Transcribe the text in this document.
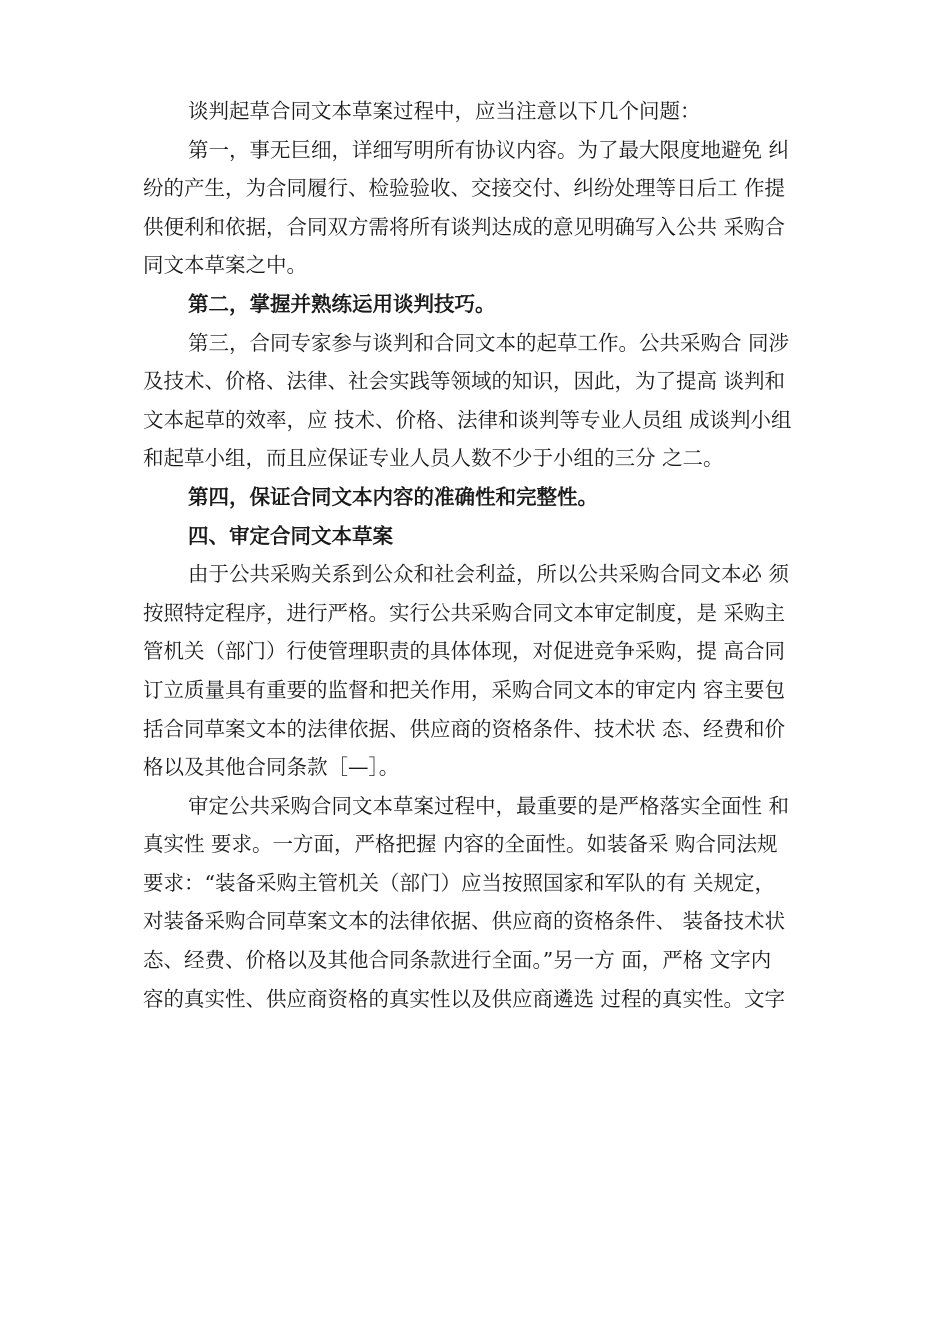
谈判起草合同文本草案过程中，应当注意以下几个问题：
第一，事无巨细，详细写明所有协议内容。为了最大限度地避免 纠
纷的产生，为合同履行、检验验收、交接交付、纠纷处理等日后工 作提
供便利和依据，合同双方需将所有谈判达成的意见明确写入公共 采购合
同文本草案之中。
第二，掌握并熟练运用谈判技巧。
第三，合同专家参与谈判和合同文本的起草工作。公共采购合 同涉
及技术、价格、法律、社会实践等领域的知识，因此，为了提高 谈判和
文本起草的效率，应 技术、价格、法律和谈判等专业人员组 成谈判小组
和起草小组，而且应保证专业人员人数不少于小组的三分 之二。
第四，保证合同文本内容的准确性和完整性。
四、审定合同文本草案
由于公共采购关系到公众和社会利益，所以公共采购合同文本必 须
按照特定程序，进行严格。实行公共采购合同文本审定制度，是 采购主
管机关（部门）行使管理职责的具体体现，对促进竞争采购，提 高合同
订立质量具有重要的监督和把关作用，采购合同文本的审定内 容主要包
括合同草案文本的法律依据、供应商的资格条件、技术状 态、经费和价
格以及其他合同条款［—］。
审定公共采购合同文本草案过程中，最重要的是严格落实全面性 和
真实性 要求。一方面，严格把握 内容的全面性。如装备采 购合同法规
要求：“装备采购主管机关（部门）应当按照国家和军队的有 关规定，
对装备采购合同草案文本的法律依据、供应商的资格条件、 装备技术状
态、经费、价格以及其他合同条款进行全面。”另一方 面，严格 文字内
容的真实性、供应商资格的真实性以及供应商遴选 过程的真实性。文字
